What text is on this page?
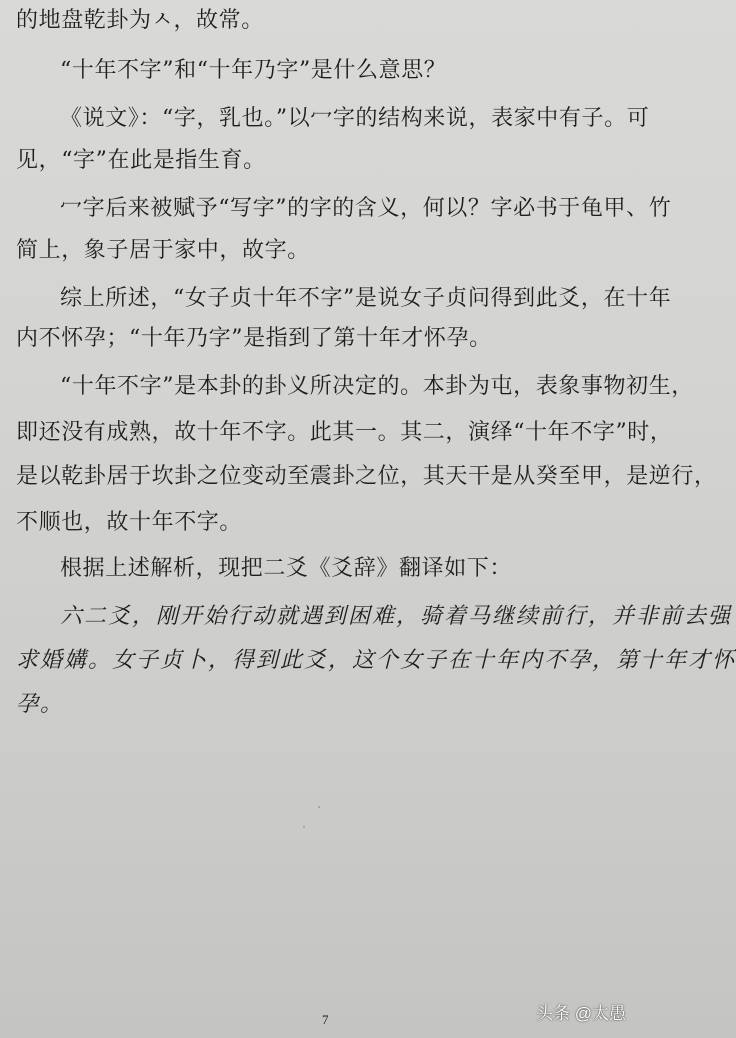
的地盘乾卦为ㅅ，故常。
“十年不字”和“十年乃字”是什么意思？
《说文》：“字，乳也。”以冖字的结构来说，表家中有子。可
见，“字”在此是指生育。
冖字后来被赋予“写字”的字的含义，何以？字必书于龟甲、竹
简上，象子居于家中，故字。
综上所述，“女子贞十年不字”是说女子贞问得到此爻，在十年
内不怀孕；“十年乃字”是指到了第十年才怀孕。
“十年不字”是本卦的卦义所决定的。本卦为屯，表象事物初生，
即还没有成熟，故十年不字。此其一。其二，演绎“十年不字”时，
是以乾卦居于坎卦之位变动至震卦之位，其天干是从癸至甲，是逆行，
不顺也，故十年不字。
根据上述解析，现把二爻《爻辞》翻译如下：
六二爻，刚开始行动就遇到困难，骑着马继续前行，并非前去强
求婚媾。女子贞卜，得到此爻，这个女子在十年内不孕，第十年才怀
孕。
7	头条 @太愚
